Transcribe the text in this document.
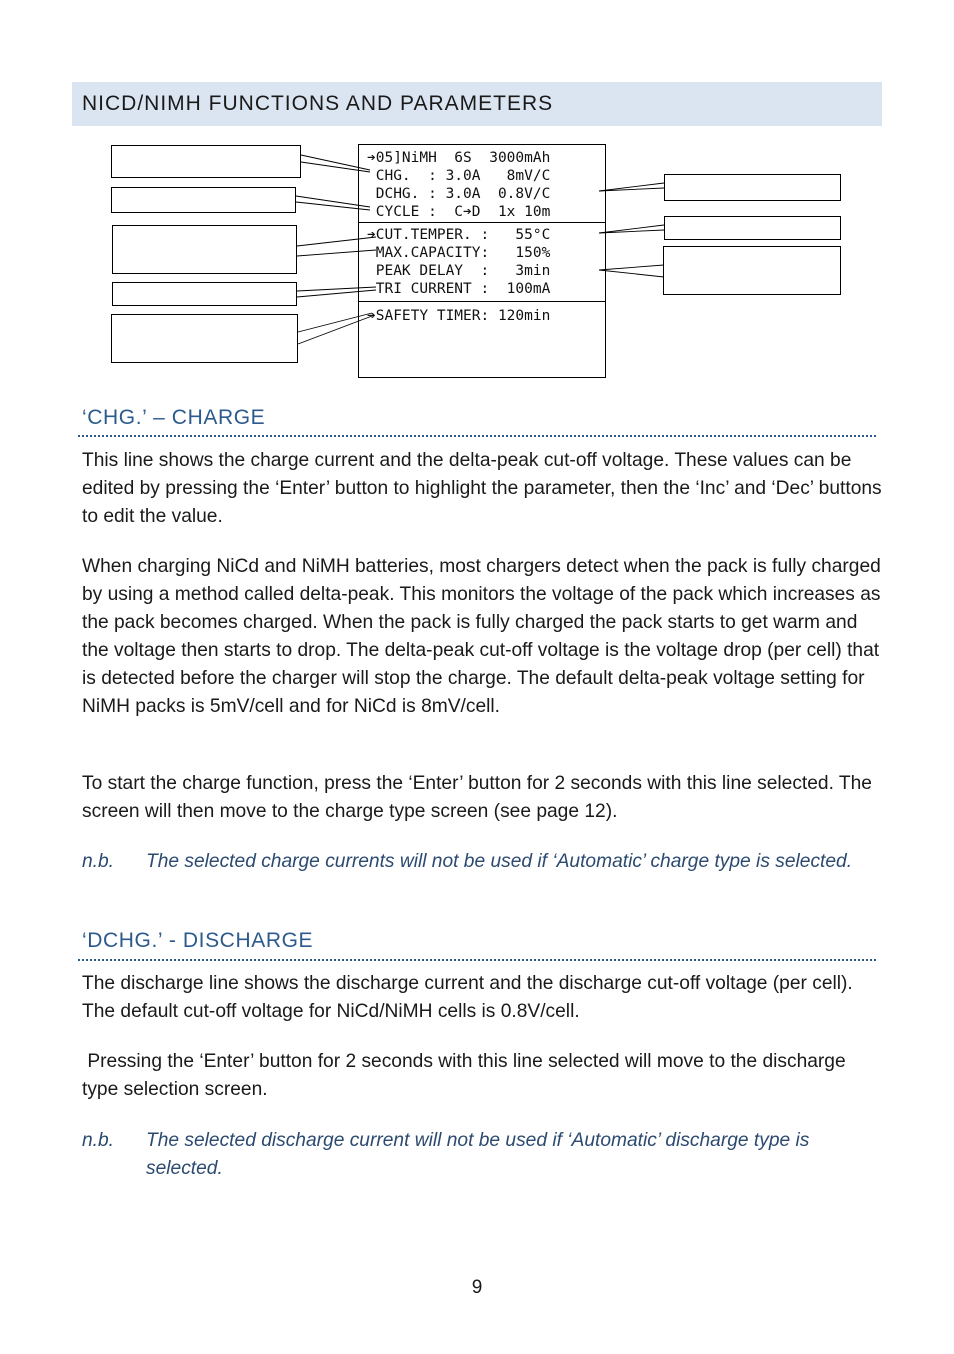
NICD/NIMH FUNCTIONS AND PARAMETERS
➔05]NiMH  6S  3000mAh
CHG.  : 3.0A   8mV/C
DCHG. : 3.0A  0.8V/C
CYCLE :  C➔D  1x 10m
➔CUT.TEMPER. :   55°C
MAX.CAPACITY:   150%
PEAK DELAY  :   3min
TRI CURRENT :  100mA
➔SAFETY TIMER: 120min
‘CHG.’ – CHARGE

This line shows the charge current and the delta-peak cut-off voltage. These values can be edited by pressing the ‘Enter’ button to highlight the parameter, then the ‘Inc’ and ‘Dec’ buttons to edit the value.

When charging NiCd and NiMH batteries, most chargers detect when the pack is fully charged by using a method called delta-peak. This monitors the voltage of the pack which increases as the pack becomes charged. When the pack is fully charged the pack starts to get warm and the voltage then starts to drop. The delta-peak cut-off voltage is the voltage drop (per cell) that is detected before the charger will stop the charge. The default delta-peak voltage setting for NiMH packs is 5mV/cell and for NiCd is 8mV/cell.

To start the charge function, press the ‘Enter’ button for 2 seconds with this line selected. The screen will then move to the charge type screen (see page 12).

n.b. The selected charge currents will not be used if ‘Automatic’ charge type is selected.
‘DCHG.’ - DISCHARGE

The discharge line shows the discharge current and the discharge cut-off voltage (per cell). The default cut-off voltage for NiCd/NiMH cells is 0.8V/cell.

Pressing the ‘Enter’ button for 2 seconds with this line selected will move to the discharge type selection screen.

n.b. The selected discharge current will not be used if ‘Automatic’ discharge type is selected.
9
